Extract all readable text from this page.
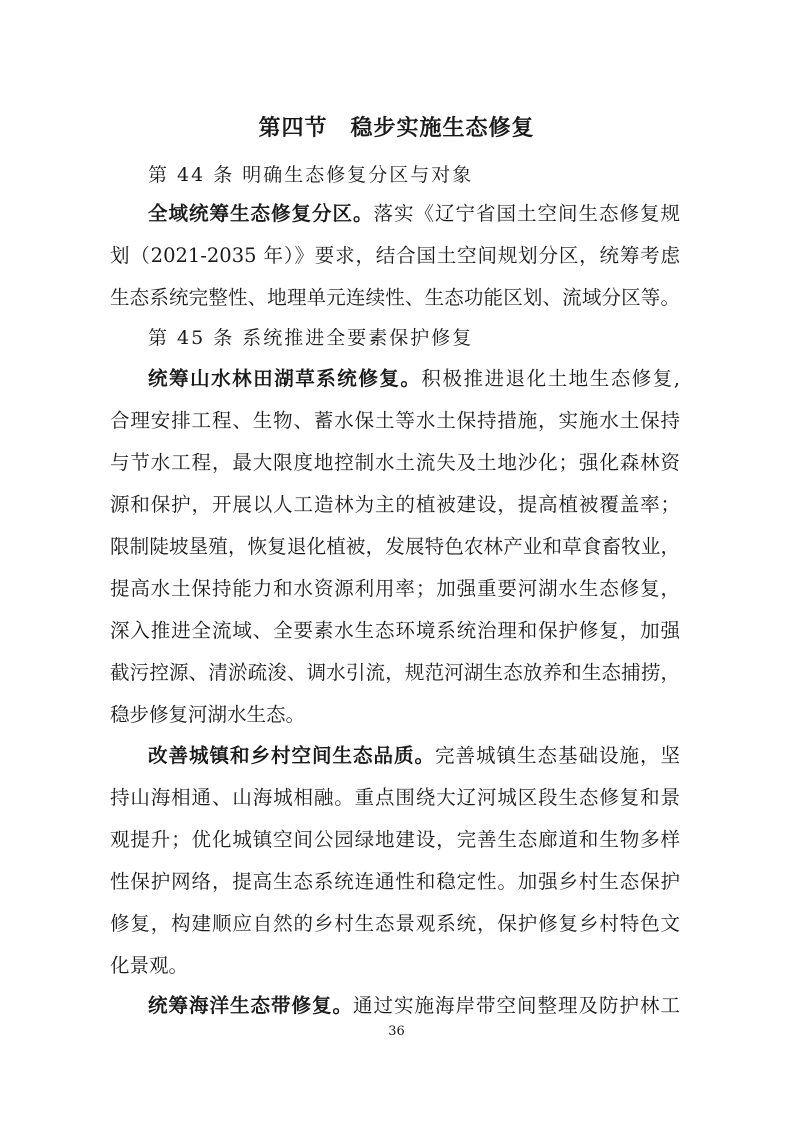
第四节　稳步实施生态修复
第 44 条 明确生态修复分区与对象
全域统筹生态修复分区。落实《辽宁省国土空间生态修复规
划（2021-2035 年）》要求，结合国土空间规划分区，统筹考虑
生态系统完整性、地理单元连续性、生态功能区划、流域分区等。
第 45 条 系统推进全要素保护修复
统筹山水林田湖草系统修复。积极推进退化土地生态修复,
合理安排工程、生物、蓄水保土等水土保持措施，实施水土保持
与节水工程，最大限度地控制水土流失及土地沙化；强化森林资
源和保护，开展以人工造林为主的植被建设，提高植被覆盖率；
限制陡坡垦殖，恢复退化植被，发展特色农林产业和草食畜牧业，
提高水土保持能力和水资源利用率；加强重要河湖水生态修复，
深入推进全流域、全要素水生态环境系统治理和保护修复，加强
截污控源、清淤疏浚、调水引流，规范河湖生态放养和生态捕捞，
稳步修复河湖水生态。
改善城镇和乡村空间生态品质。完善城镇生态基础设施，坚
持山海相通、山海城相融。重点围绕大辽河城区段生态修复和景
观提升；优化城镇空间公园绿地建设，完善生态廊道和生物多样
性保护网络，提高生态系统连通性和稳定性。加强乡村生态保护
修复，构建顺应自然的乡村生态景观系统，保护修复乡村特色文
化景观。
统筹海洋生态带修复。通过实施海岸带空间整理及防护林工
36
